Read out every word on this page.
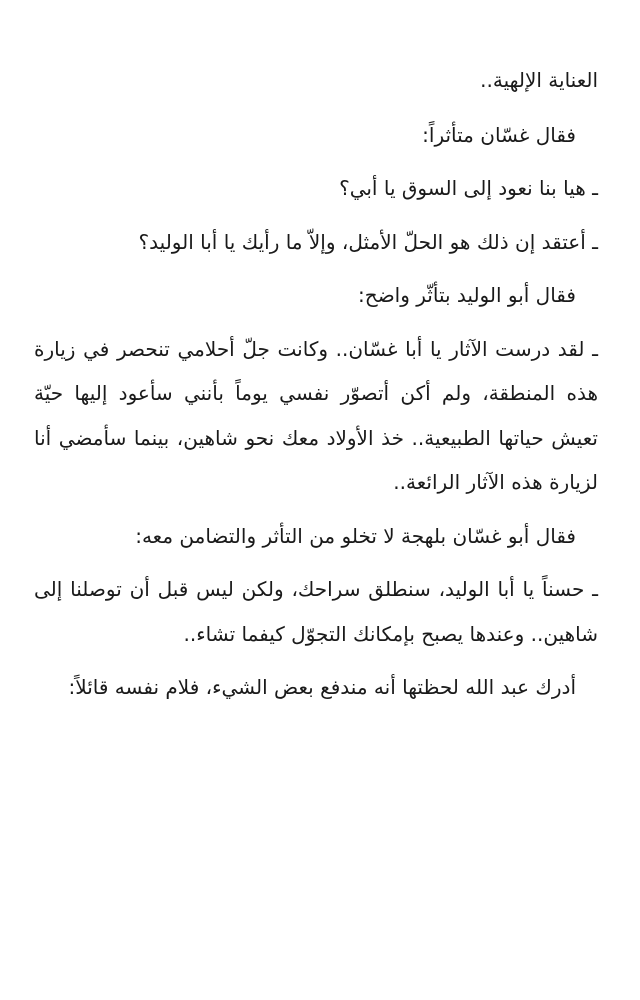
العناية الإلهية..

فقال غسّان متأثراً:

ـ هيا بنا نعود إلى السوق يا أبي؟

ـ أعتقد إن ذلك هو الحلّ الأمثل، وإلاّ ما رأيك يا أبا الوليد؟

فقال أبو الوليد بتأثّر واضح:

ـ لقد درست الآثار يا أبا غسّان.. وكانت جلّ أحلامي تنحصر في زيارة هذه المنطقة، ولم أكن أتصوّر نفسي يوماً بأنني سأعود إليها حيّة تعيش حياتها الطبيعية.. خذ الأولاد معك نحو شاهين، بينما سأمضي أنا لزيارة هذه الآثار الرائعة..

فقال أبو غسّان بلهجة لا تخلو من التأثر والتضامن معه:

ـ حسناً يا أبا الوليد، سنطلق سراحك، ولكن ليس قبل أن توصلنا إلى شاهين.. وعندها يصبح بإمكانك التجوّل كيفما تشاء..

أدرك عبد الله لحظتها أنه مندفع بعض الشيء، فلام نفسه قائلاً:
